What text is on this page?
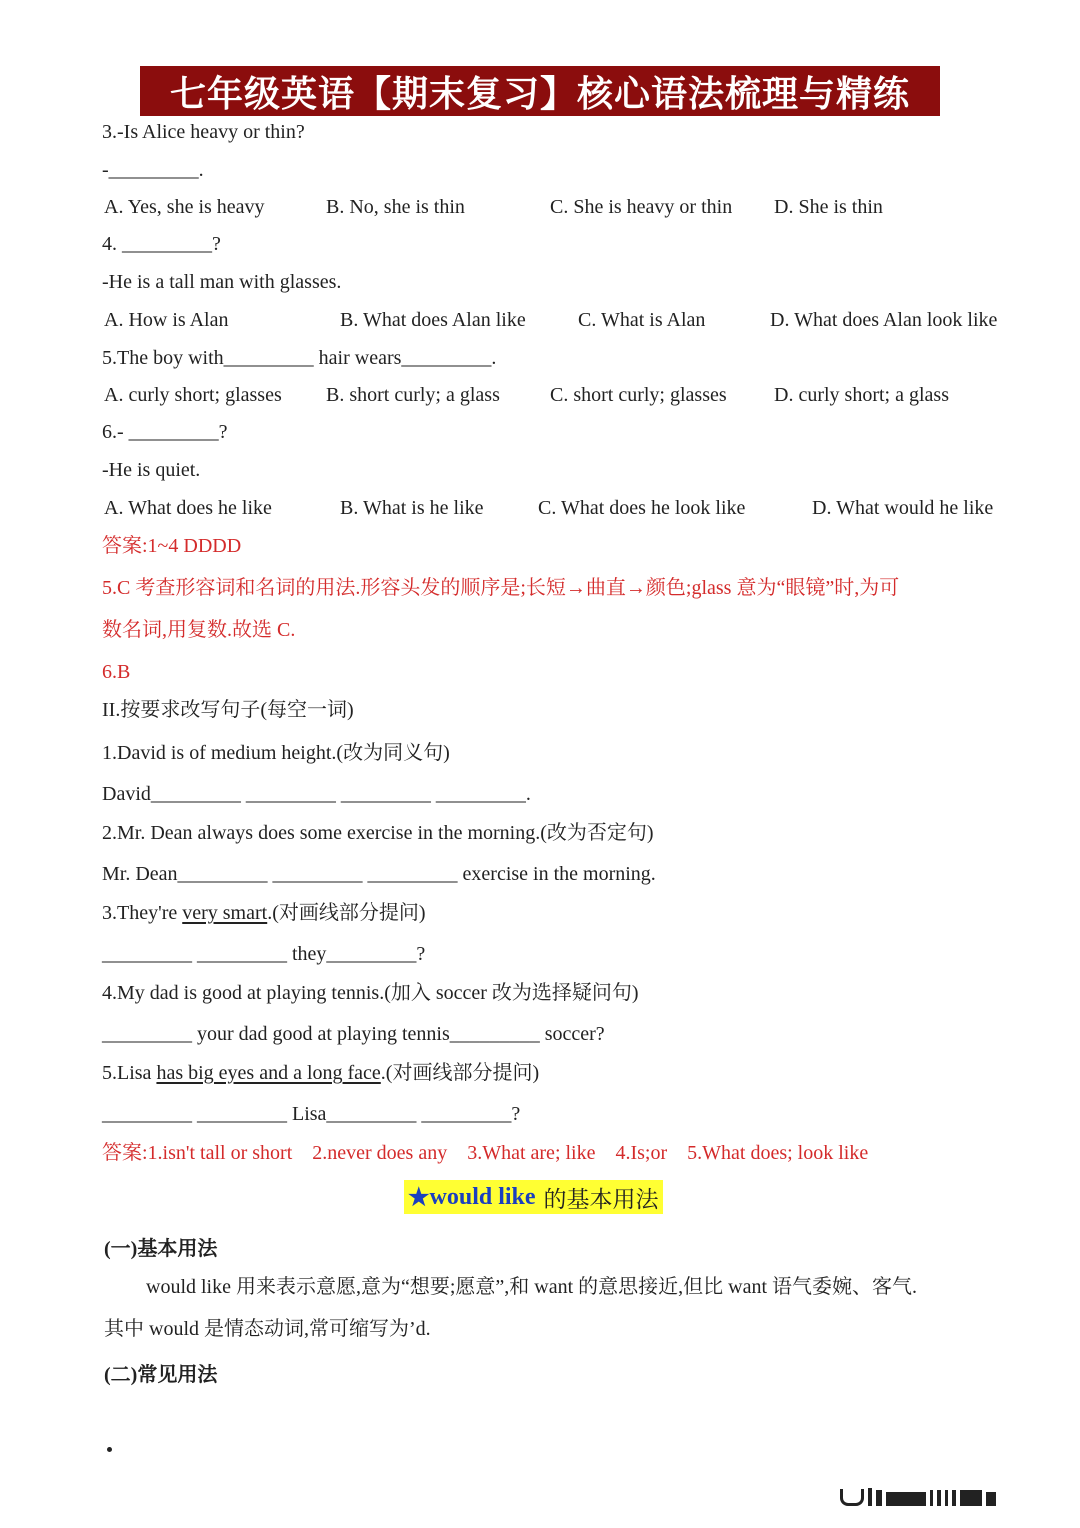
七年级英语【期末复习】核心语法梳理与精练
3.-Is Alice heavy or thin?
-_________.
A. Yes, she is heavy	B. No, she is thin	C. She is heavy or thin D. She is thin
4. _________?
-He is a tall man with glasses.
A. How is Alan	B. What does Alan like	C. What is Alan	D. What does Alan look like
5.The boy with_________ hair wears_________.
A. curly short; glasses B. short curly; a glass	C. short curly; glasses D. curly short; a glass
6.- _________?
-He is quiet.
A. What does he like	B. What is he like	C. What does he look like	D. What would he like
答案:1~4 DDDD
5.C 考查形容词和名词的用法.形容头发的顺序是;长短→曲直→颜色;glass 意为“眼镜”时,为可
数名词,用复数.故选 C.
6.B
II.按要求改写句子(每空一词)
1.David is of medium height.(改为同义句)
David_________ _________ _________ _________.
2.Mr. Dean always does some exercise in the morning.(改为否定句)
Mr. Dean_________ _________ _________ exercise in the morning.
3.They're very smart.(对画线部分提问)
_________ _________ they_________?
4.My dad is good at playing tennis.(加入 soccer 改为选择疑问句)
_________ your dad good at playing tennis_________ soccer?
5.Lisa has big eyes and a long face.(对画线部分提问)
_________ _________ Lisa_________ _________?
答案:1.isn't tall or short    2.never does any    3.What are; like    4.Is;or    5.What does; look like
★ would like 的基本用法
(一)基本用法
would like 用来表示意愿,意为“想要;愿意”,和 want 的意思接近,但比 want 语气委婉、客气.
其中 would 是情态动词,常可缩写为’d.
(二)常见用法
